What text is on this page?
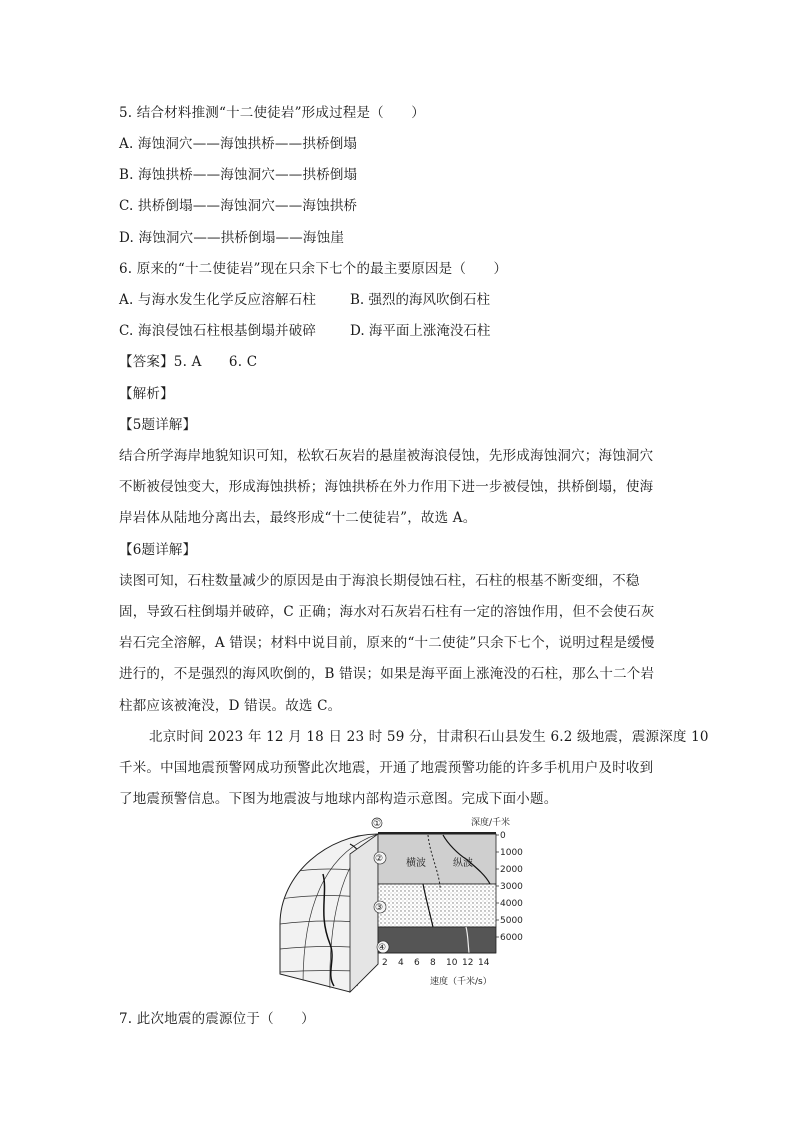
5. 结合材料推测“十二使徒岩”形成过程是（　　）
A. 海蚀洞穴——海蚀拱桥——拱桥倒塌
B. 海蚀拱桥——海蚀洞穴——拱桥倒塌
C. 拱桥倒塌——海蚀洞穴——海蚀拱桥
D. 海蚀洞穴——拱桥倒塌——海蚀崖
6. 原来的“十二使徒岩”现在只余下七个的最主要原因是（　　）
A. 与海水发生化学反应溶解石柱	B. 强烈的海风吹倒石柱
C. 海浪侵蚀石柱根基倒塌并破碎	D. 海平面上涨淹没石柱
【答案】5. A　　6. C
【解析】
【5题详解】
结合所学海岸地貌知识可知，松软石灰岩的悬崖被海浪侵蚀，先形成海蚀洞穴；海蚀洞穴
不断被侵蚀变大，形成海蚀拱桥；海蚀拱桥在外力作用下进一步被侵蚀，拱桥倒塌，使海
岸岩体从陆地分离出去，最终形成“十二使徒岩”，故选 A。
【6题详解】
读图可知，石柱数量减少的原因是由于海浪长期侵蚀石柱，石柱的根基不断变细，不稳
固，导致石柱倒塌并破碎，C 正确；海水对石灰岩石柱有一定的溶蚀作用，但不会使石灰
岩石完全溶解，A 错误；材料中说目前，原来的“十二使徒”只余下七个，说明过程是缓慢
进行的，不是强烈的海风吹倒的，B 错误；如果是海平面上涨淹没的石柱，那么十二个岩
柱都应该被淹没，D 错误。故选 C。
北京时间 2023 年 12 月 18 日 23 时 59 分，甘肃积石山县发生 6.2 级地震，震源深度 10
千米。中国地震预警网成功预警此次地震，开通了地震预警功能的许多手机用户及时收到
了地震预警信息。下图为地震波与地球内部构造示意图。完成下面小题。
①
②
③
④
横波	纵波
深度/千米
0
1000
2000
3000
4000
5000
6000
2 4 6 8 10 12 14
速度（千米/s）
7. 此次地震的震源位于（　　）
